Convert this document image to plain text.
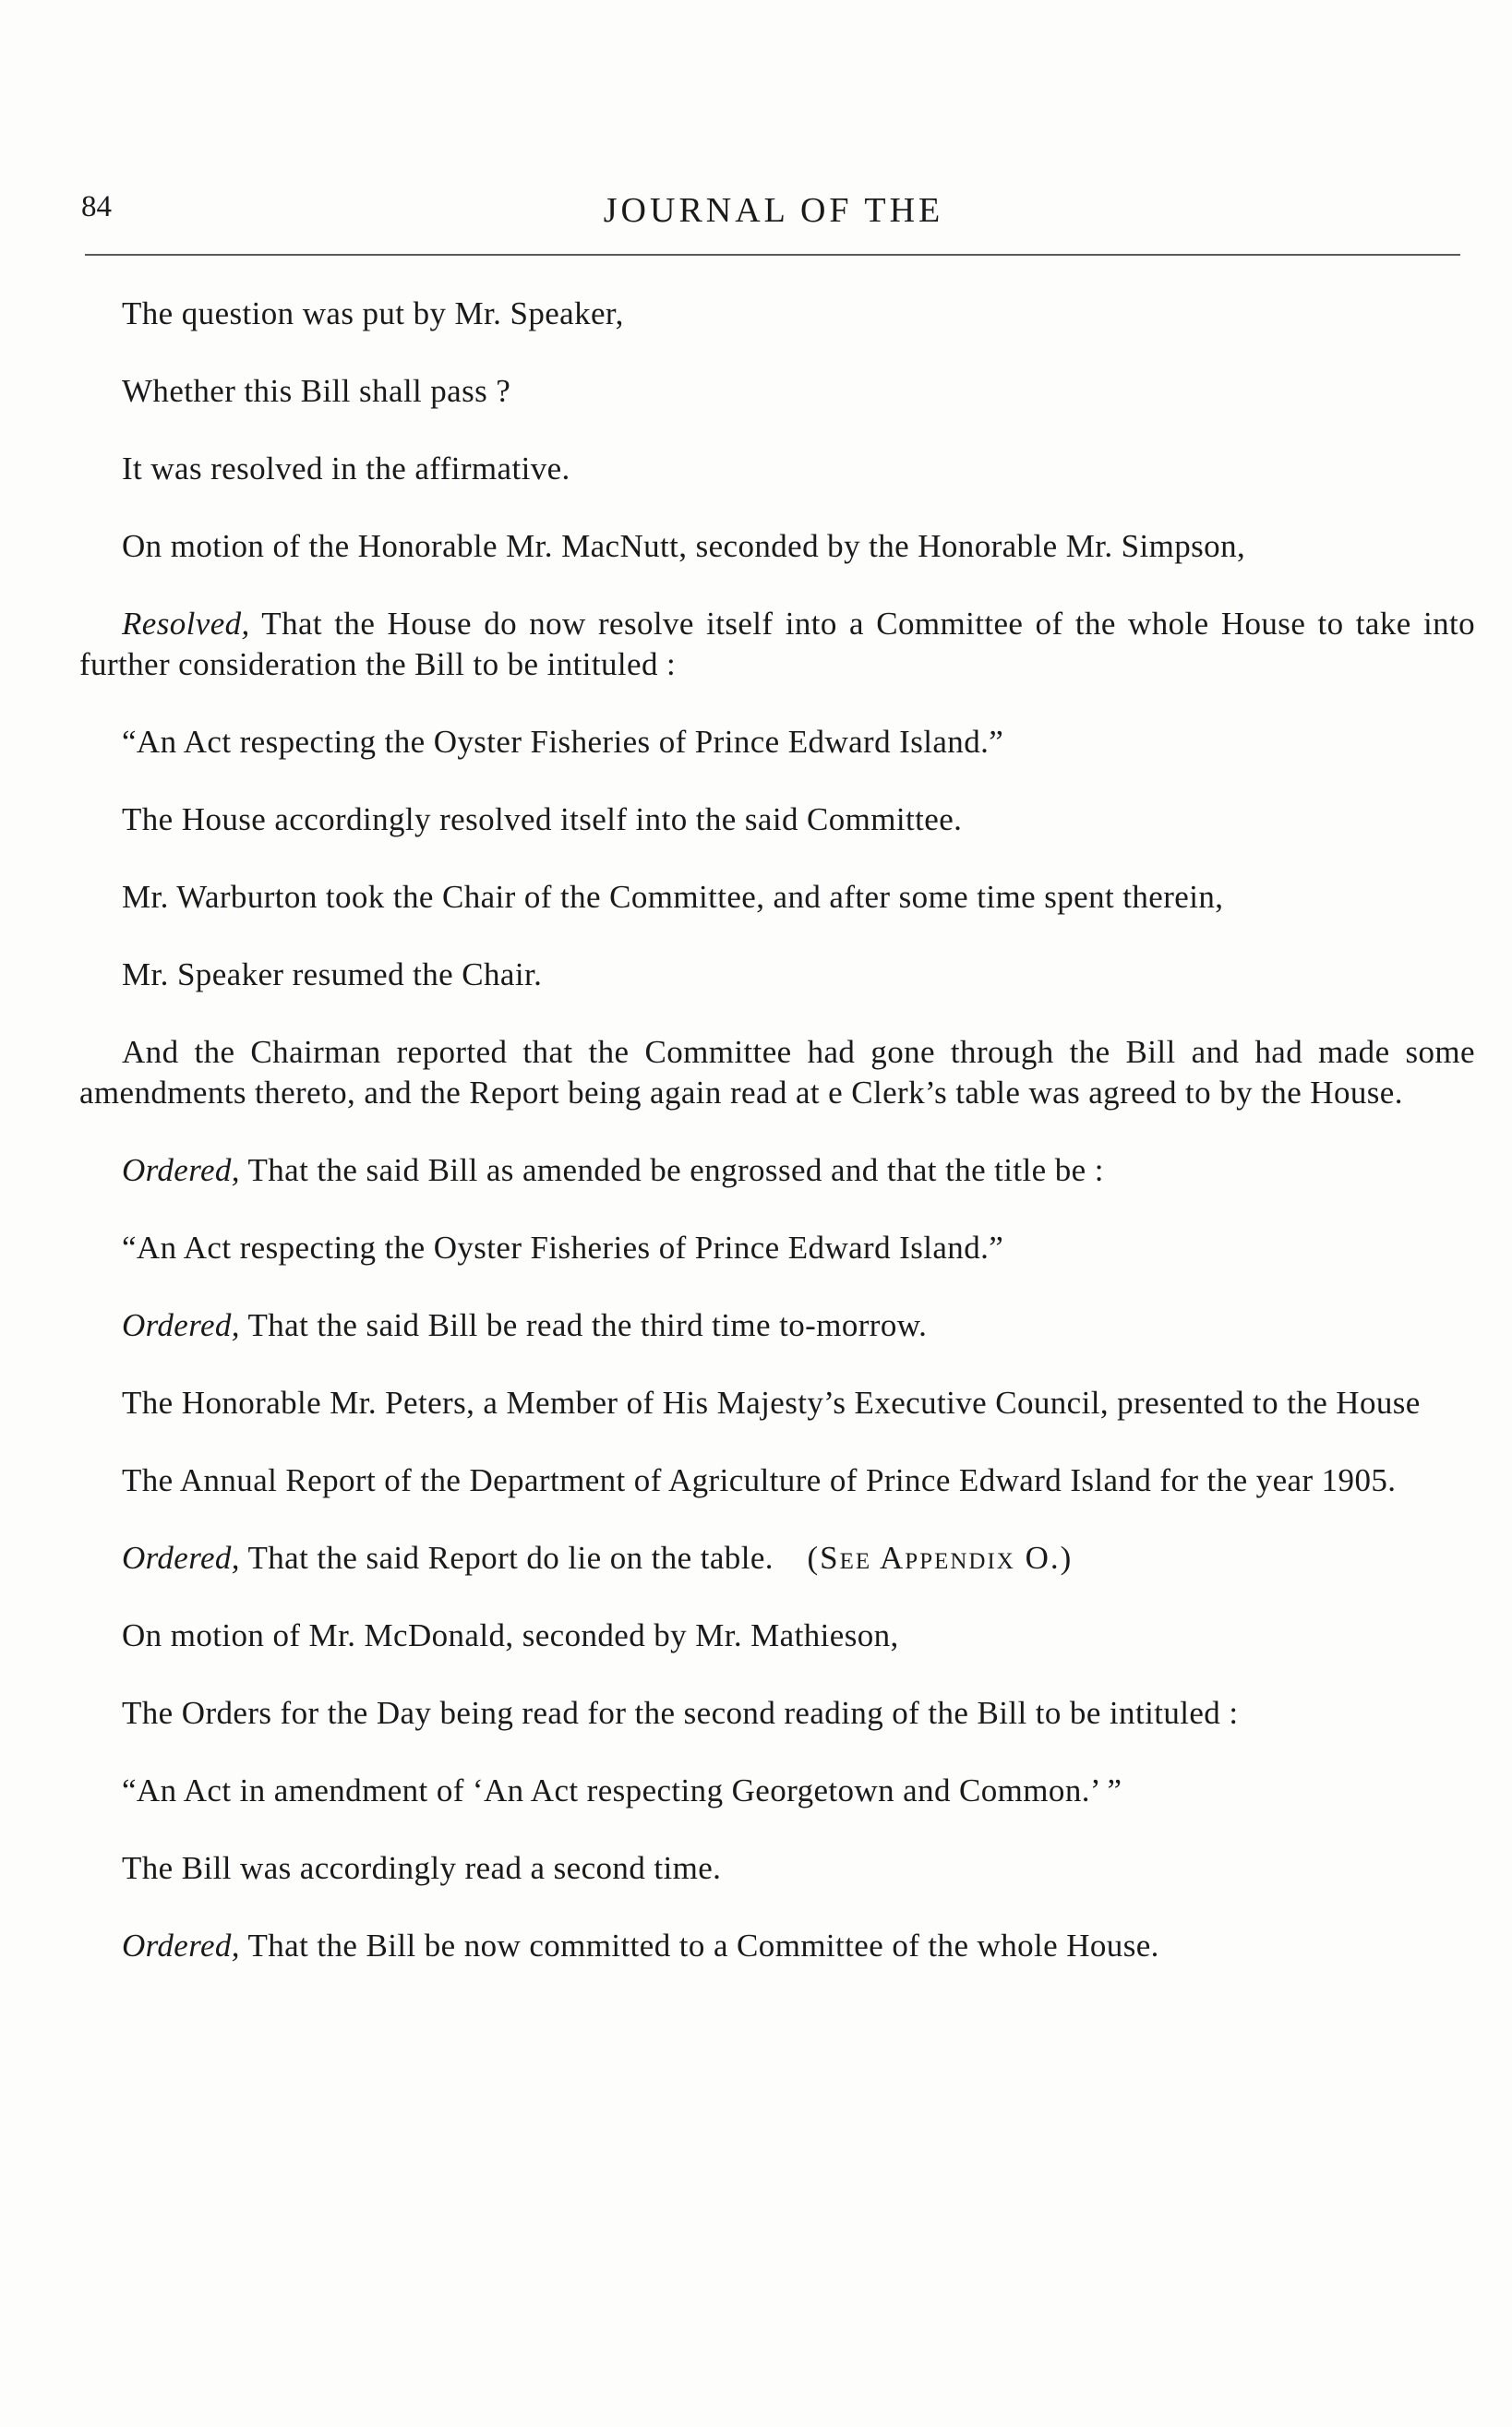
84	JOURNAL OF THE

The question was put by Mr. Speaker,

Whether this Bill shall pass ?

It was resolved in the affirmative.

On motion of the Honorable Mr. MacNutt, seconded by the Honorable Mr. Simpson,

Resolved, That the House do now resolve itself into a Committee of the whole House to take into further consideration the Bill to be intituled :

“An Act respecting the Oyster Fisheries of Prince Edward Island.”

The House accordingly resolved itself into the said Committee.

Mr. Warburton took the Chair of the Committee, and after some time spent therein,

Mr. Speaker resumed the Chair.

And the Chairman reported that the Committee had gone through the Bill and had made some amendments thereto, and the Report being again read at e Clerk’s table was agreed to by the House.

Ordered, That the said Bill as amended be engrossed and that the title be :

“An Act respecting the Oyster Fisheries of Prince Edward Island.”

Ordered, That the said Bill be read the third time to-morrow.

The Honorable Mr. Peters, a Member of His Majesty’s Executive Council, presented to the House

The Annual Report of the Department of Agriculture of Prince Edward Island for the year 1905.

Ordered, That the said Report do lie on the table. (See Appendix O.)

On motion of Mr. McDonald, seconded by Mr. Mathieson,

The Orders for the Day being read for the second reading of the Bill to be intituled :

“An Act in amendment of ‘An Act respecting Georgetown and Common.’ ”

The Bill was accordingly read a second time.

Ordered, That the Bill be now committed to a Committee of the whole House.
